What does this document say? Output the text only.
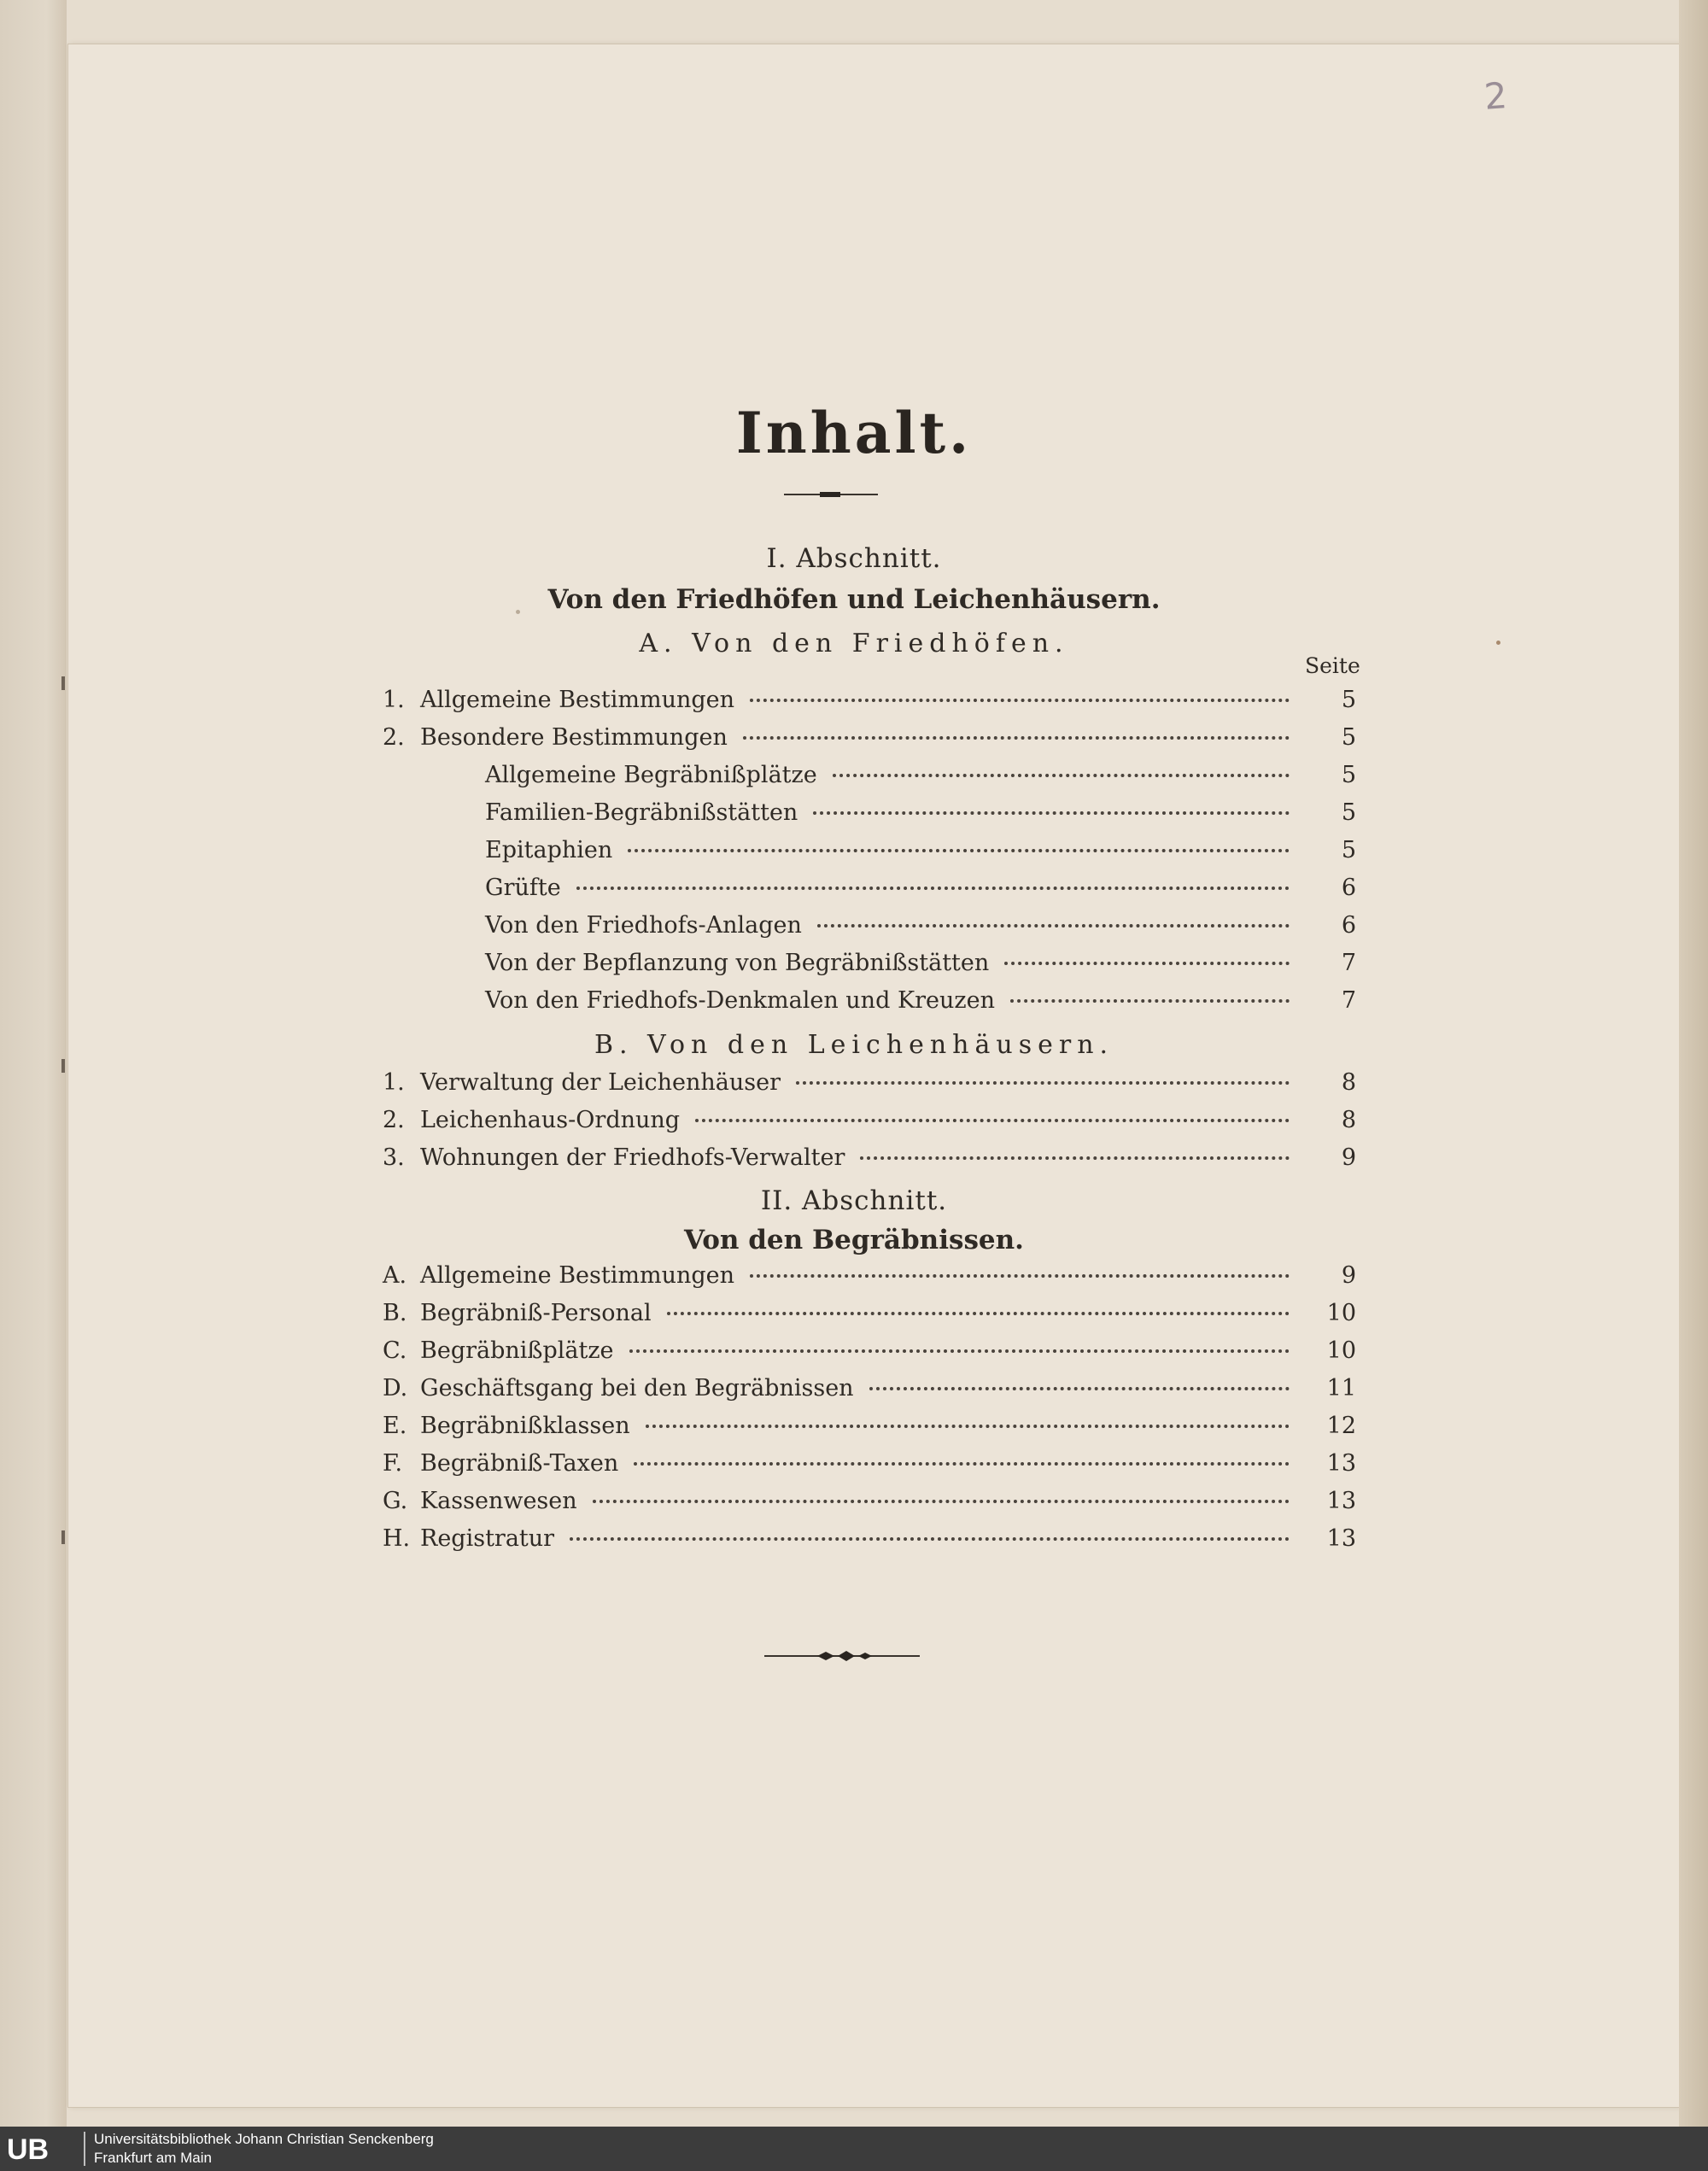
2
Inhalt.
I. Abschnitt.
Von den Friedhöfen und Leichenhäusern.
A. Von den Friedhöfen.
Seite
1. Allgemeine Bestimmungen	5
2. Besondere Bestimmungen	5
Allgemeine Begräbnißplätze	5
Familien-Begräbnißstätten	5
Epitaphien	5
Grüfte	6
Von den Friedhofs-Anlagen	6
Von der Bepflanzung von Begräbnißstätten	7
Von den Friedhofs-Denkmalen und Kreuzen	7
B. Von den Leichenhäusern.
1. Verwaltung der Leichenhäuser	8
2. Leichenhaus-Ordnung	8
3. Wohnungen der Friedhofs-Verwalter	9
II. Abschnitt.
Von den Begräbnissen.
A. Allgemeine Bestimmungen	9
B. Begräbniß-Personal	10
C. Begräbnißplätze	10
D. Geschäftsgang bei den Begräbnissen	11
E. Begräbnißklassen	12
F. Begräbniß-Taxen	13
G. Kassenwesen	13
H. Registratur	13
UB	Universitätsbibliothek Johann Christian Senckenberg
Frankfurt am Main
